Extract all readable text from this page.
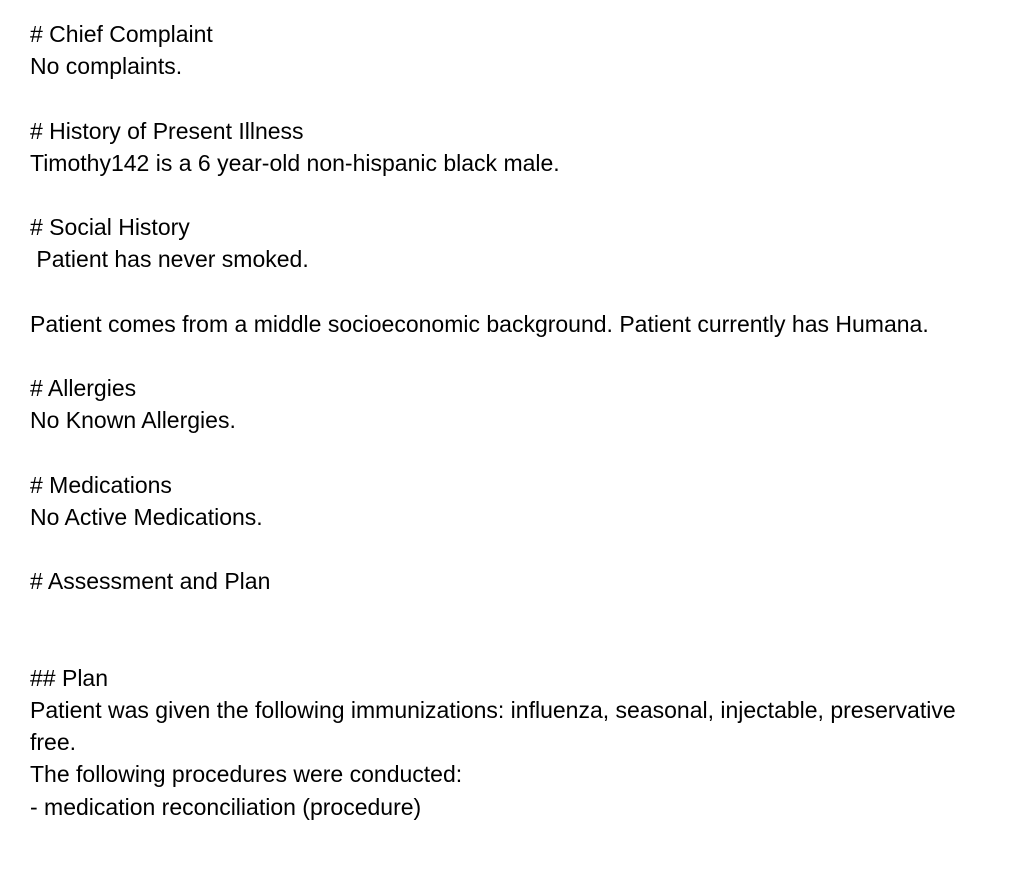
# Chief Complaint
No complaints.
# History of Present Illness
Timothy142 is a 6 year-old non-hispanic black male.
# Social History
Patient has never smoked.
Patient comes from a middle socioeconomic background. Patient currently has Humana.
# Allergies
No Known Allergies.
# Medications
No Active Medications.
# Assessment and Plan
## Plan
Patient was given the following immunizations: influenza, seasonal, injectable, preservative
free.
The following procedures were conducted:
- medication reconciliation (procedure)
